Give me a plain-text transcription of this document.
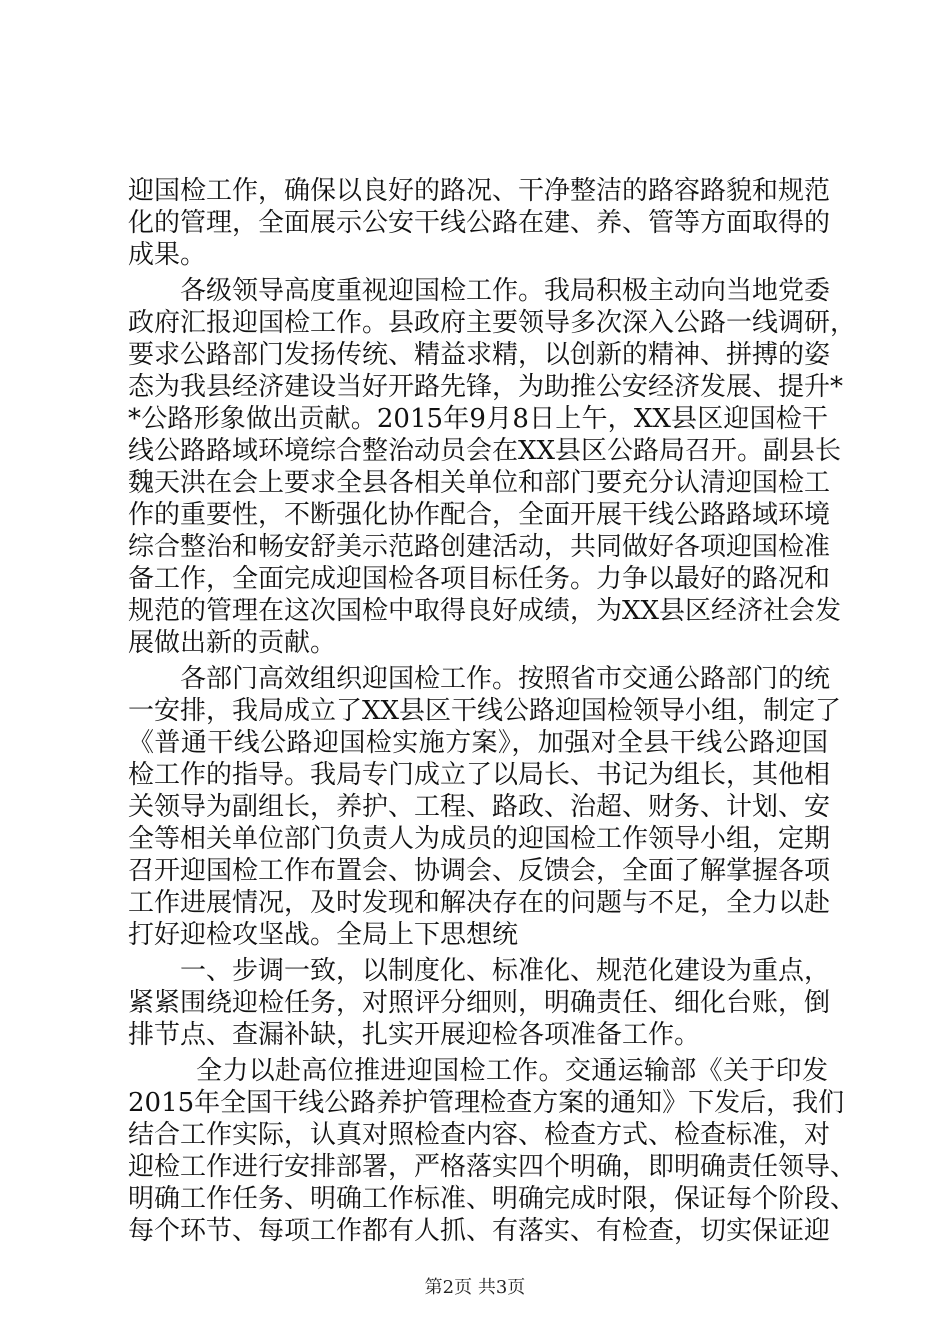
迎国检工作，确保以良好的路况、干净整洁的路容路貌和规范
化的管理，全面展示公安干线公路在建、养、管等方面取得的
成果。
各级领导高度重视迎国检工作。我局积极主动向当地党委
政府汇报迎国检工作。县政府主要领导多次深入公路一线调研，
要求公路部门发扬传统、精益求精，以创新的精神、拼搏的姿
态为我县经济建设当好开路先锋，为助推公安经济发展、提升*
*公路形象做出贡献。2015年9月8日上午，XX县区迎国检干
线公路路域环境综合整治动员会在XX县区公路局召开。副县长
魏天洪在会上要求全县各相关单位和部门要充分认清迎国检工
作的重要性，不断强化协作配合，全面开展干线公路路域环境
综合整治和畅安舒美示范路创建活动，共同做好各项迎国检准
备工作，全面完成迎国检各项目标任务。力争以最好的路况和
规范的管理在这次国检中取得良好成绩，为XX县区经济社会发
展做出新的贡献。
各部门高效组织迎国检工作。按照省市交通公路部门的统
一安排，我局成立了XX县区干线公路迎国检领导小组，制定了
《普通干线公路迎国检实施方案》，加强对全县干线公路迎国
检工作的指导。我局专门成立了以局长、书记为组长，其他相
关领导为副组长，养护、工程、路政、治超、财务、计划、安
全等相关单位部门负责人为成员的迎国检工作领导小组，定期
召开迎国检工作布置会、协调会、反馈会，全面了解掌握各项
工作进展情况，及时发现和解决存在的问题与不足，全力以赴
打好迎检攻坚战。全局上下思想统
一、步调一致，以制度化、标准化、规范化建设为重点，
紧紧围绕迎检任务，对照评分细则，明确责任、细化台账，倒
排节点、查漏补缺，扎实开展迎检各项准备工作。
全力以赴高位推进迎国检工作。交通运输部《关于印发
2015年全国干线公路养护管理检查方案的通知》下发后，我们
结合工作实际，认真对照检查内容、检查方式、检查标准，对
迎检工作进行安排部署，严格落实四个明确，即明确责任领导、
明确工作任务、明确工作标准、明确完成时限，保证每个阶段、
每个环节、每项工作都有人抓、有落实、有检查，切实保证迎
第2页 共3页
